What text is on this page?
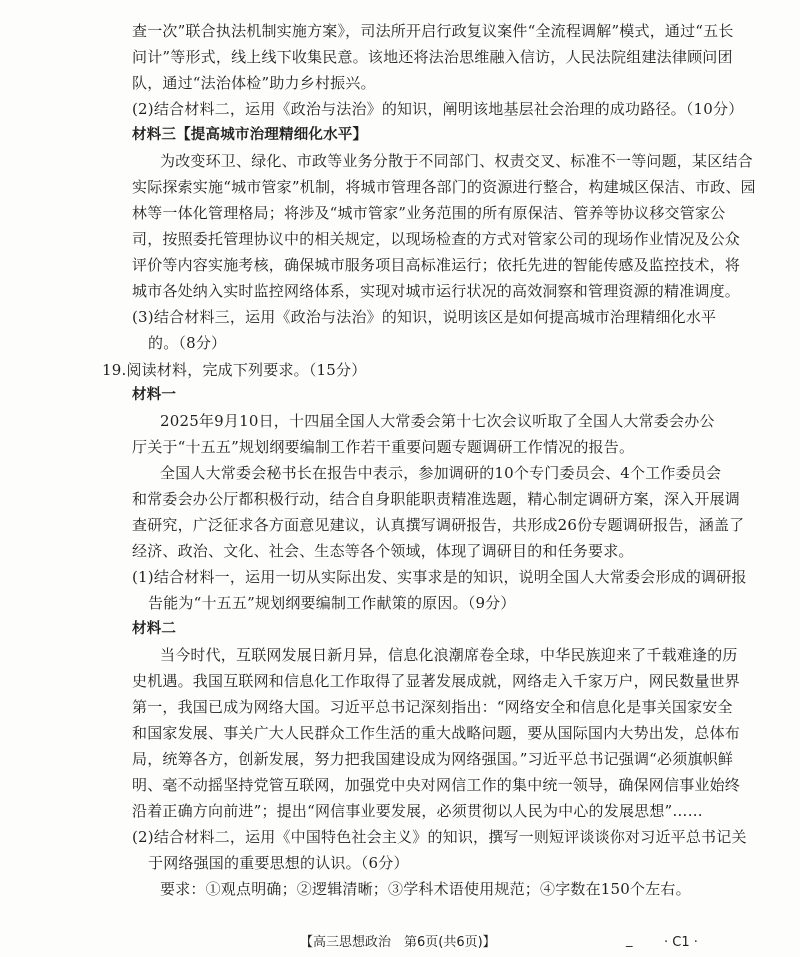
查一次”联合执法机制实施方案》，司法所开启行政复议案件“全流程调解”模式，通过“五长
问计”等形式，线上线下收集民意。该地还将法治思维融入信访，人民法院组建法律顾问团
队，通过“法治体检”助力乡村振兴。
(2)结合材料二，运用《政治与法治》的知识，阐明该地基层社会治理的成功路径。（10分）
材料三【提高城市治理精细化水平】
为改变环卫、绿化、市政等业务分散于不同部门、权责交叉、标准不一等问题，某区结合
实际探索实施“城市管家”机制，将城市管理各部门的资源进行整合，构建城区保洁、市政、园
林等一体化管理格局；将涉及“城市管家”业务范围的所有原保洁、管养等协议移交管家公
司，按照委托管理协议中的相关规定，以现场检查的方式对管家公司的现场作业情况及公众
评价等内容实施考核，确保城市服务项目高标准运行；依托先进的智能传感及监控技术，将
城市各处纳入实时监控网络体系，实现对城市运行状况的高效洞察和管理资源的精准调度。
(3)结合材料三，运用《政治与法治》的知识，说明该区是如何提高城市治理精细化水平
的。（8分）
19.阅读材料，完成下列要求。（15分）
材料一
2025年9月10日，十四届全国人大常委会第十七次会议听取了全国人大常委会办公
厅关于“十五五”规划纲要编制工作若干重要问题专题调研工作情况的报告。
全国人大常委会秘书长在报告中表示，参加调研的10个专门委员会、4个工作委员会
和常委会办公厅都积极行动，结合自身职能职责精准选题，精心制定调研方案，深入开展调
查研究，广泛征求各方面意见建议，认真撰写调研报告，共形成26份专题调研报告，涵盖了
经济、政治、文化、社会、生态等各个领域，体现了调研目的和任务要求。
(1)结合材料一，运用一切从实际出发、实事求是的知识，说明全国人大常委会形成的调研报
告能为“十五五”规划纲要编制工作献策的原因。（9分）
材料二
当今时代，互联网发展日新月异，信息化浪潮席卷全球，中华民族迎来了千载难逢的历
史机遇。我国互联网和信息化工作取得了显著发展成就，网络走入千家万户，网民数量世界
第一，我国已成为网络大国。习近平总书记深刻指出：“网络安全和信息化是事关国家安全
和国家发展、事关广大人民群众工作生活的重大战略问题，要从国际国内大势出发，总体布
局，统筹各方，创新发展，努力把我国建设成为网络强国。”习近平总书记强调“必须旗帜鲜
明、毫不动摇坚持党管互联网，加强党中央对网信工作的集中统一领导，确保网信事业始终
沿着正确方向前进”；提出“网信事业要发展，必须贯彻以人民为中心的发展思想”……
(2)结合材料二，运用《中国特色社会主义》的知识，撰写一则短评谈谈你对习近平总书记关
于网络强国的重要思想的认识。（6分）
要求：①观点明确；②逻辑清晰；③学科术语使用规范；④字数在150个左右。
【高三思想政治　第6页(共6页)】	_ · C1 ·
